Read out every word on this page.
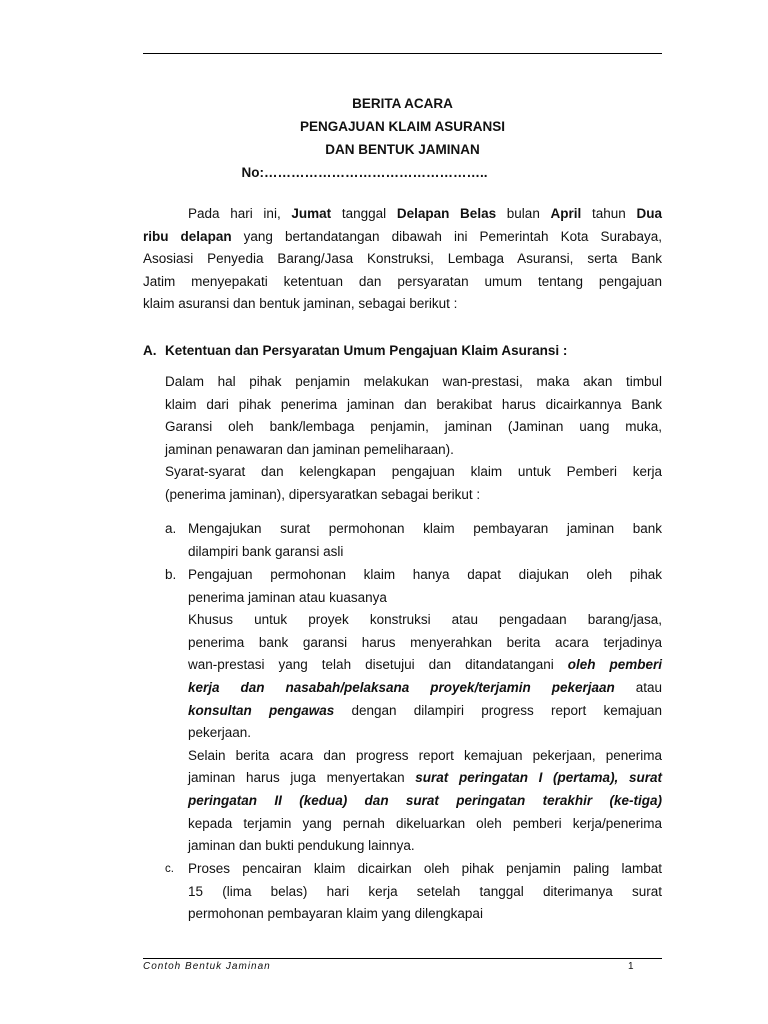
BERITA ACARA
PENGAJUAN KLAIM ASURANSI
DAN BENTUK JAMINAN
No:…………………………………………..
Pada hari ini, Jumat tanggal Delapan Belas bulan April tahun Dua
ribu delapan yang bertandatangan dibawah ini Pemerintah Kota Surabaya,
Asosiasi Penyedia Barang/Jasa Konstruksi, Lembaga Asuransi, serta Bank
Jatim menyepakati ketentuan dan persyaratan umum tentang pengajuan
klaim asuransi dan bentuk jaminan, sebagai berikut :
A. Ketentuan dan Persyaratan Umum Pengajuan Klaim Asuransi :
Dalam hal pihak penjamin melakukan wan-prestasi, maka akan timbul
klaim dari pihak penerima jaminan dan berakibat harus dicairkannya Bank
Garansi oleh bank/lembaga penjamin, jaminan (Jaminan uang muka,
jaminan penawaran dan jaminan pemeliharaan).
Syarat-syarat dan kelengkapan pengajuan klaim untuk Pemberi kerja
(penerima jaminan), dipersyaratkan sebagai berikut :
a. Mengajukan surat permohonan klaim pembayaran jaminan bank
dilampiri bank garansi asli
b. Pengajuan permohonan klaim hanya dapat diajukan oleh pihak
penerima jaminan atau kuasanya
Khusus untuk proyek konstruksi atau pengadaan barang/jasa,
penerima bank garansi harus menyerahkan berita acara terjadinya
wan-prestasi yang telah disetujui dan ditandatangani oleh pemberi
kerja dan nasabah/pelaksana proyek/terjamin pekerjaan atau
konsultan pengawas dengan dilampiri progress report kemajuan
pekerjaan.
Selain berita acara dan progress report kemajuan pekerjaan, penerima
jaminan harus juga menyertakan surat peringatan I (pertama), surat
peringatan II (kedua) dan surat peringatan terakhir (ke-tiga)
kepada terjamin yang pernah dikeluarkan oleh pemberi kerja/penerima
jaminan dan bukti pendukung lainnya.
c. Proses pencairan klaim dicairkan oleh pihak penjamin paling lambat
15 (lima belas) hari kerja setelah tanggal diterimanya surat
permohonan pembayaran klaim yang dilengkapai
Contoh Bentuk Jaminan	1
